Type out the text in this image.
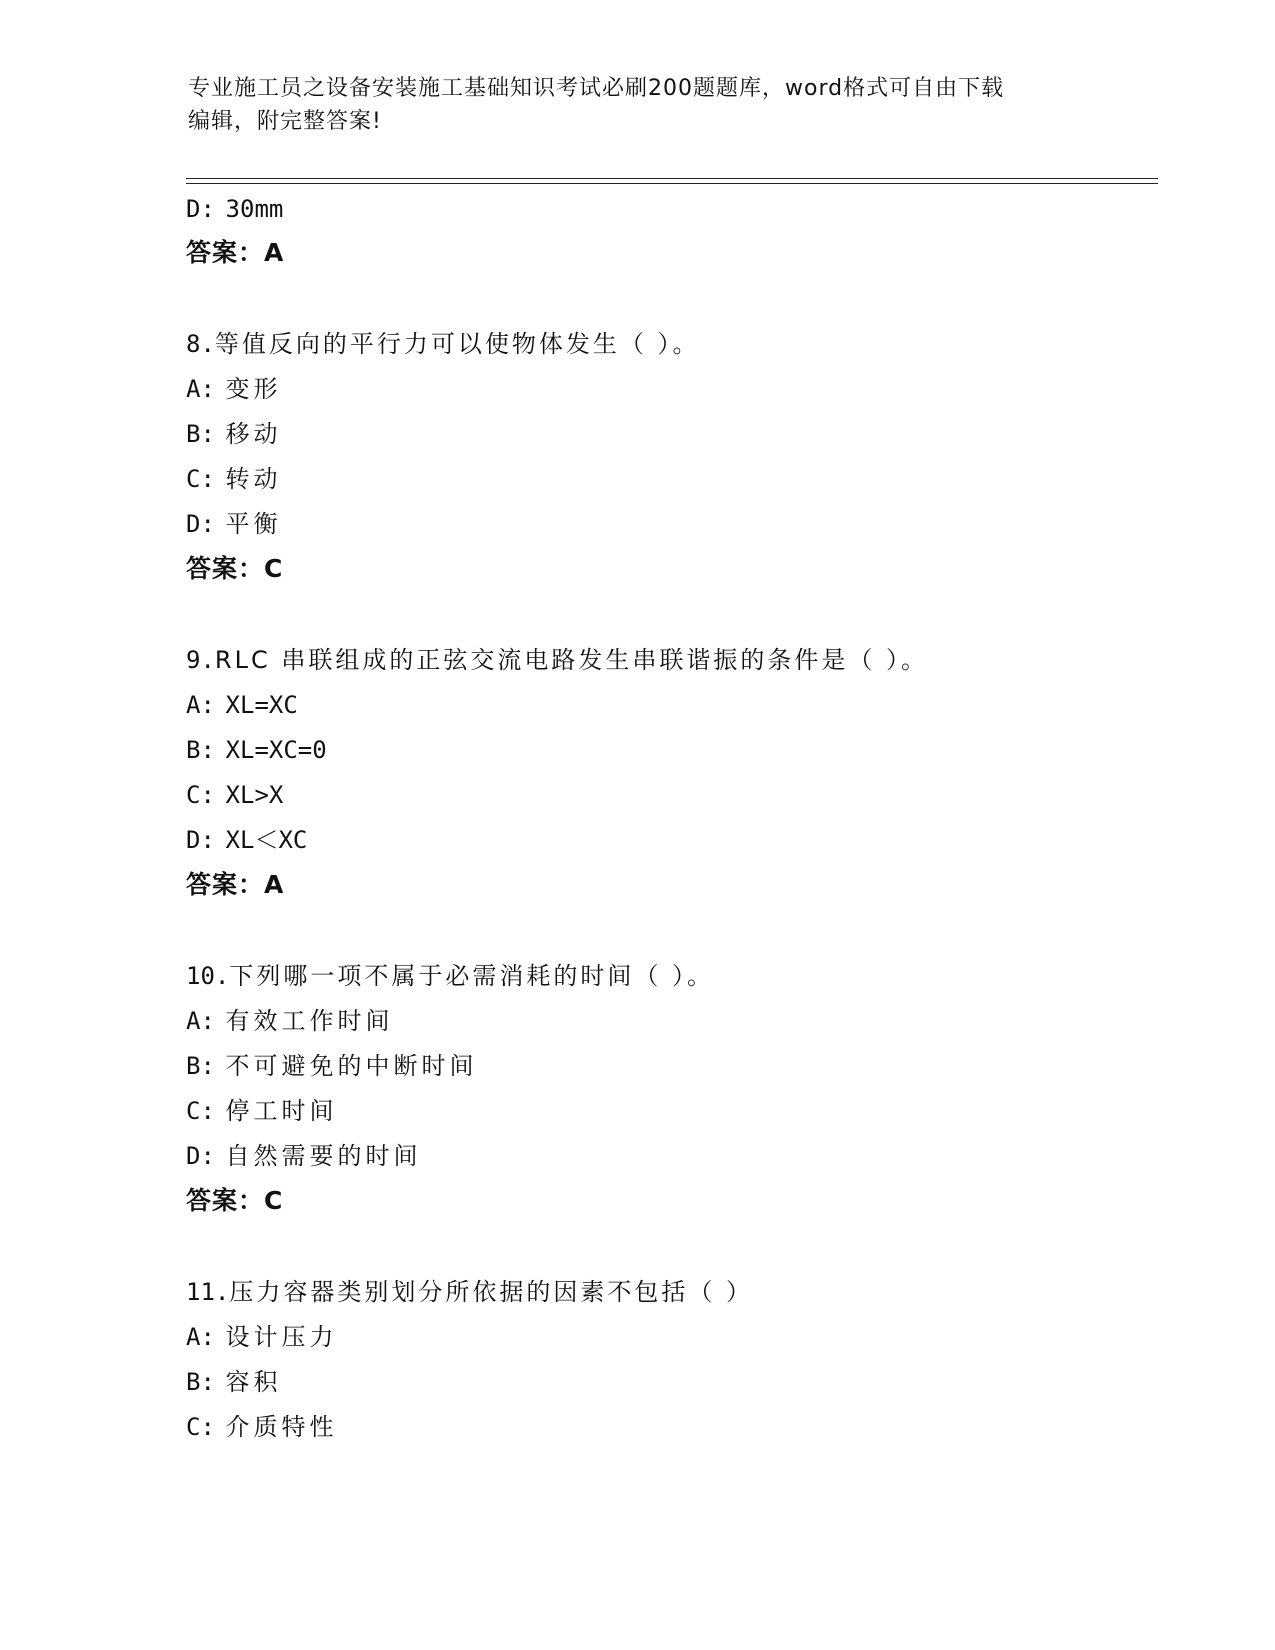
专业施工员之设备安装施工基础知识考试必刷200题题库，word格式可自由下载
编辑，附完整答案!
D: 30mm
答案：A
8.等值反向的平行力可以使物体发生（ ）。
A: 变形
B: 移动
C: 转动
D: 平衡
答案：C
9.RLC 串联组成的正弦交流电路发生串联谐振的条件是（ ）。
A: XL=XC
B: XL=XC=0
C: XL>X
D: XL＜XC
答案：A
10.下列哪一项不属于必需消耗的时间（ ）。
A: 有效工作时间
B: 不可避免的中断时间
C: 停工时间
D: 自然需要的时间
答案：C
11.压力容器类别划分所依据的因素不包括（ ）
A: 设计压力
B: 容积
C: 介质特性
